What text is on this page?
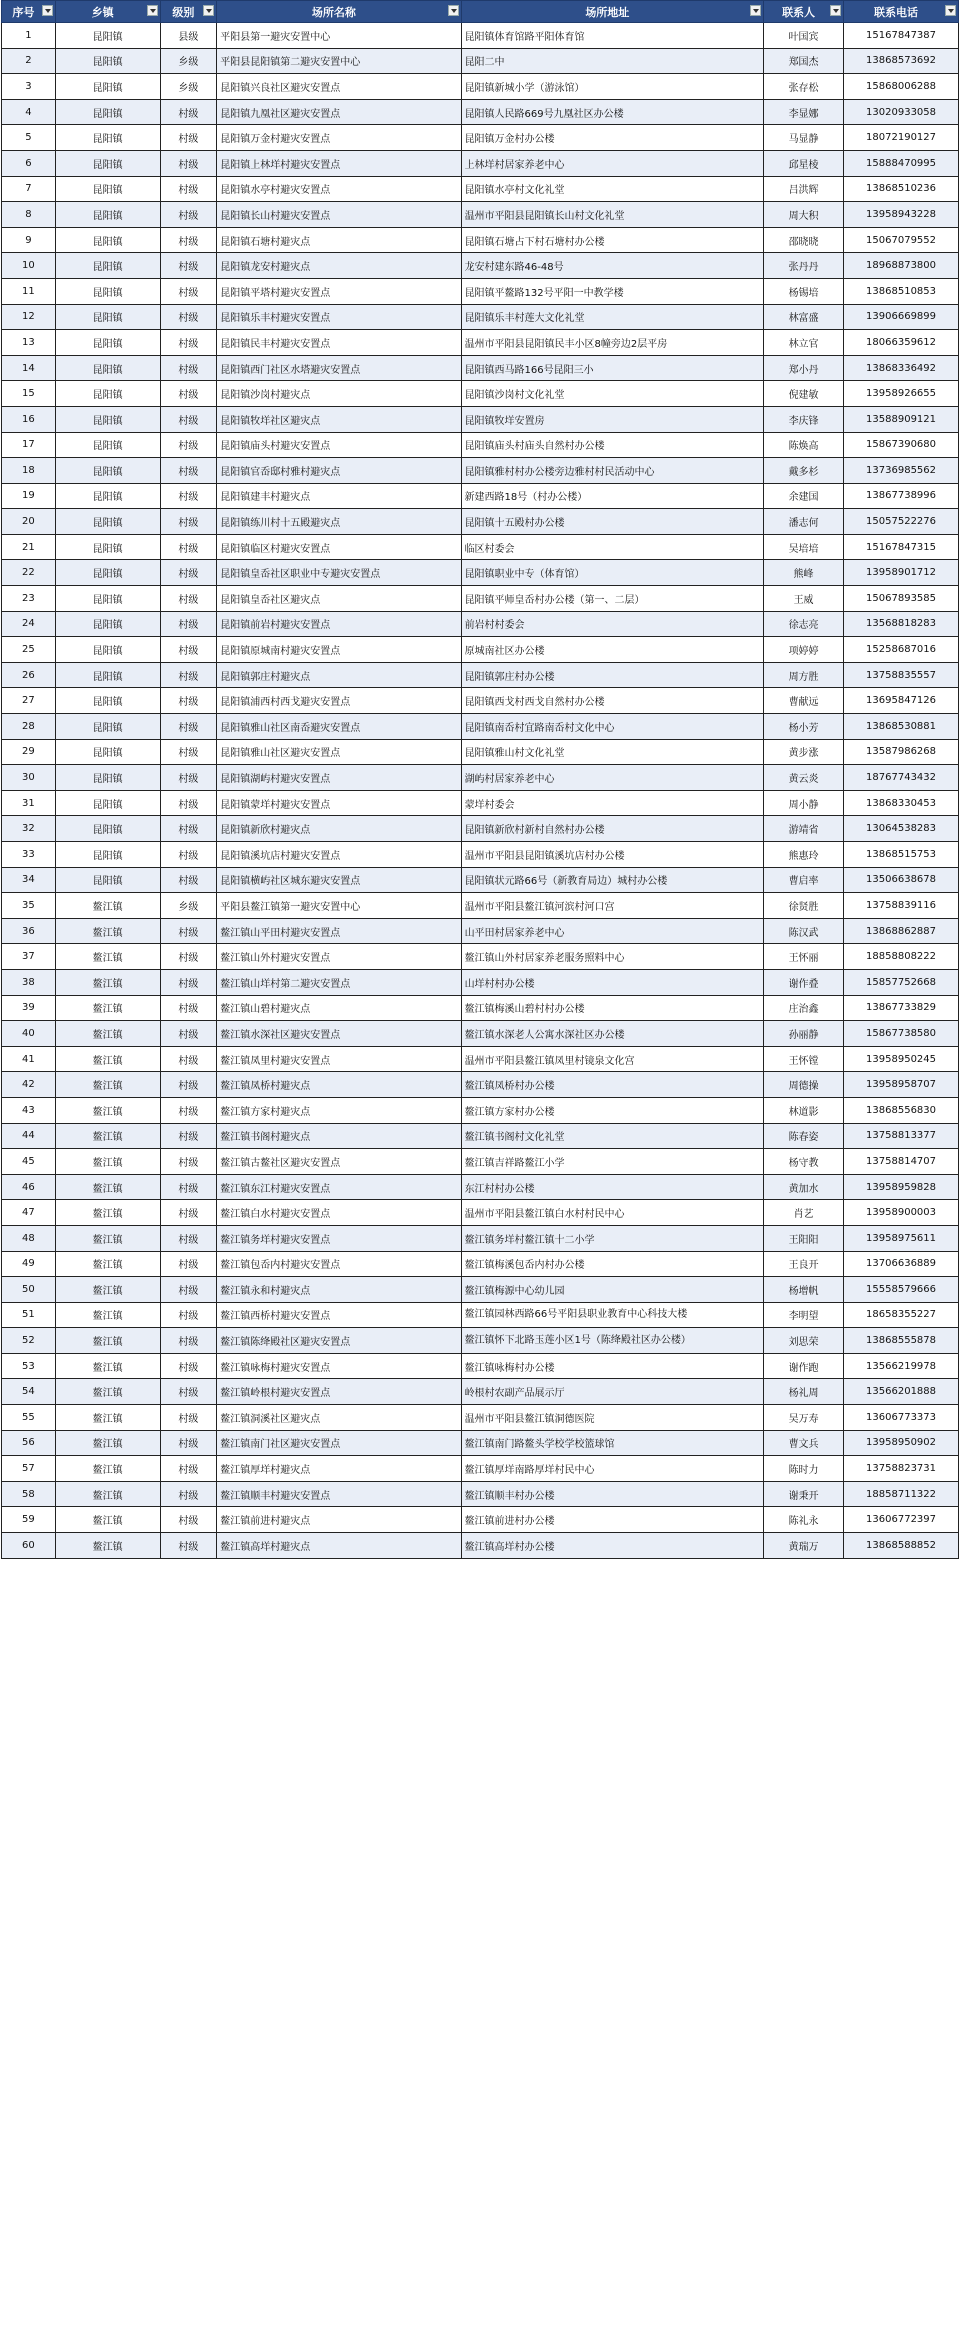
序号	乡镇	级别	场所名称	场所地址	联系人	联系电话

1	昆阳镇	县级	平阳县第一避灾安置中心	昆阳镇体育馆路平阳体育馆	叶国宾	15167847387
2	昆阳镇	乡级	平阳县昆阳镇第二避灾安置中心	昆阳二中	郑国杰	13868573692
3	昆阳镇	乡级	昆阳镇兴良社区避灾安置点	昆阳镇新城小学（游泳馆）	张存松	15868006288
4	昆阳镇	村级	昆阳镇九凰社区避灾安置点	昆阳镇人民路669号九凰社区办公楼	李显娜	13020933058
5	昆阳镇	村级	昆阳镇万金村避灾安置点	昆阳镇万金村办公楼	马显静	18072190127
6	昆阳镇	村级	昆阳镇上林垟村避灾安置点	上林垟村居家养老中心	邱星棱	15888470995
7	昆阳镇	村级	昆阳镇水亭村避灾安置点	昆阳镇水亭村文化礼堂	吕洪辉	13868510236
8	昆阳镇	村级	昆阳镇长山村避灾安置点	温州市平阳县昆阳镇长山村文化礼堂	周大积	13958943228
9	昆阳镇	村级	昆阳镇石塘村避灾点	昆阳镇石塘占下村石塘村办公楼	邵晓晓	15067079552
10	昆阳镇	村级	昆阳镇龙安村避灾点	龙安村建东路46-48号	张丹丹	18968873800
11	昆阳镇	村级	昆阳镇平塔村避灾安置点	昆阳镇平鳌路132号平阳一中教学楼	杨锡培	13868510853
12	昆阳镇	村级	昆阳镇乐丰村避灾安置点	昆阳镇乐丰村莲大文化礼堂	林富盛	13906669899
13	昆阳镇	村级	昆阳镇民丰村避灾安置点	温州市平阳县昆阳镇民丰小区8幢旁边2层平房	林立官	18066359612
14	昆阳镇	村级	昆阳镇西门社区水塔避灾安置点	昆阳镇西马路166号昆阳三小	郑小丹	13868336492
15	昆阳镇	村级	昆阳镇沙岗村避灾点	昆阳镇沙岗村文化礼堂	倪建敏	13958926655
16	昆阳镇	村级	昆阳镇牧垟社区避灾点	昆阳镇牧垟安置房	李庆锋	13588909121
17	昆阳镇	村级	昆阳镇庙头村避灾安置点	昆阳镇庙头村庙头自然村办公楼	陈焕高	15867390680
18	昆阳镇	村级	昆阳镇官岙邸村雅村避灾点	昆阳镇雅村村办公楼旁边雅村村民活动中心	戴多杉	13736985562
19	昆阳镇	村级	昆阳镇建丰村避灾点	新建西路18号（村办公楼）	余建国	13867738996
20	昆阳镇	村级	昆阳镇练川村十五殿避灾点	昆阳镇十五殿村办公楼	潘志何	15057522276
21	昆阳镇	村级	昆阳镇临区村避灾安置点	临区村委会	吴培培	15167847315
22	昆阳镇	村级	昆阳镇皇岙社区职业中专避灾安置点	昆阳镇职业中专（体育馆）	熊峰	13958901712
23	昆阳镇	村级	昆阳镇皇岙社区避灾点	昆阳镇平师皇岙村办公楼（第一、二层）	王威	15067893585
24	昆阳镇	村级	昆阳镇前岩村避灾安置点	前岩村村委会	徐志亮	13568818283
25	昆阳镇	村级	昆阳镇原城南村避灾安置点	原城南社区办公楼	项婷婷	15258687016
26	昆阳镇	村级	昆阳镇郭庄村避灾点	昆阳镇郭庄村办公楼	周方胜	13758835557
27	昆阳镇	村级	昆阳镇浦西村西戈避灾安置点	昆阳镇西戈村西戈自然村办公楼	曹献远	13695847126
28	昆阳镇	村级	昆阳镇雅山社区南岙避灾安置点	昆阳镇南岙村宜路南岙村文化中心	杨小芳	13868530881
29	昆阳镇	村级	昆阳镇雅山社区避灾安置点	昆阳镇雅山村文化礼堂	黄步涨	13587986268
30	昆阳镇	村级	昆阳镇湖屿村避灾安置点	湖屿村居家养老中心	黄云炎	18767743432
31	昆阳镇	村级	昆阳镇蒙垟村避灾安置点	蒙垟村委会	周小静	13868330453
32	昆阳镇	村级	昆阳镇新欣村避灾点	昆阳镇新欣村新村自然村办公楼	游靖省	13064538283
33	昆阳镇	村级	昆阳镇溪坑店村避灾安置点	温州市平阳县昆阳镇溪坑店村办公楼	熊惠玲	13868515753
34	昆阳镇	村级	昆阳镇横屿社区城东避灾安置点	昆阳镇状元路66号（新教育局边）城村办公楼	曹启率	13506638678
35	鳌江镇	乡级	平阳县鳌江镇第一避灾安置中心	温州市平阳县鳌江镇河滨村河口宫	徐贤胜	13758839116
36	鳌江镇	村级	鳌江镇山平田村避灾安置点	山平田村居家养老中心	陈汉武	13868862887
37	鳌江镇	村级	鳌江镇山外村避灾安置点	鳌江镇山外村居家养老服务照料中心	王怀丽	18858808222
38	鳌江镇	村级	鳌江镇山垟村第二避灾安置点	山垟村村办公楼	谢作叠	15857752668
39	鳌江镇	村级	鳌江镇山碧村避灾点	鳌江镇梅溪山碧村村办公楼	庄治鑫	13867733829
40	鳌江镇	村级	鳌江镇水深社区避灾安置点	鳌江镇水深老人公寓水深社区办公楼	孙丽静	15867738580
41	鳌江镇	村级	鳌江镇凤里村避灾安置点	温州市平阳县鳌江镇凤里村镜泉文化宫	王怀镗	13958950245
42	鳌江镇	村级	鳌江镇凤桥村避灾点	鳌江镇凤桥村办公楼	周德操	13958958707
43	鳌江镇	村级	鳌江镇方家村避灾点	鳌江镇方家村办公楼	林道影	13868556830
44	鳌江镇	村级	鳌江镇书阁村避灾点	鳌江镇书阁村文化礼堂	陈春姿	13758813377
45	鳌江镇	村级	鳌江镇古鳌社区避灾安置点	鳌江镇吉祥路鳌江小学	杨守教	13758814707
46	鳌江镇	村级	鳌江镇东江村避灾安置点	东江村村办公楼	黄加水	13958959828
47	鳌江镇	村级	鳌江镇白水村避灾安置点	温州市平阳县鳌江镇白水村村民中心	肖艺	13958900003
48	鳌江镇	村级	鳌江镇务垟村避灾安置点	鳌江镇务垟村鳌江镇十二小学	王阳阳	13958975611
49	鳌江镇	村级	鳌江镇包岙内村避灾安置点	鳌江镇梅溪包岙内村办公楼	王良开	13706636889
50	鳌江镇	村级	鳌江镇永和村避灾点	鳌江镇梅源中心幼儿园	杨增帆	15558579666
51	鳌江镇	村级	鳌江镇西桥村避灾安置点	鳌江镇园林西路66号平阳县职业教育中心科技大楼	李明望	18658355227
52	鳌江镇	村级	鳌江镇陈绛殿社区避灾安置点	鳌江镇怀下北路玉莲小区1号（陈绛殿社区办公楼）	刘思荣	13868555878
53	鳌江镇	村级	鳌江镇咏梅村避灾安置点	鳌江镇咏梅村办公楼	谢作跑	13566219978
54	鳌江镇	村级	鳌江镇岭根村避灾安置点	岭根村农副产品展示厅	杨礼周	13566201888
55	鳌江镇	村级	鳌江镇洞溪社区避灾点	温州市平阳县鳌江镇洞德医院	吴万寿	13606773373
56	鳌江镇	村级	鳌江镇南门社区避灾安置点	鳌江镇南门路鳌头学校学校篮球馆	曹文兵	13958950902
57	鳌江镇	村级	鳌江镇厚垟村避灾点	鳌江镇厚垟南路厚垟村民中心	陈时力	13758823731
58	鳌江镇	村级	鳌江镇顺丰村避灾安置点	鳌江镇顺丰村办公楼	谢秉开	18858711322
59	鳌江镇	村级	鳌江镇前进村避灾点	鳌江镇前进村办公楼	陈礼永	13606772397
60	鳌江镇	村级	鳌江镇高垟村避灾点	鳌江镇高垟村办公楼	黄瑞万	13868588852
